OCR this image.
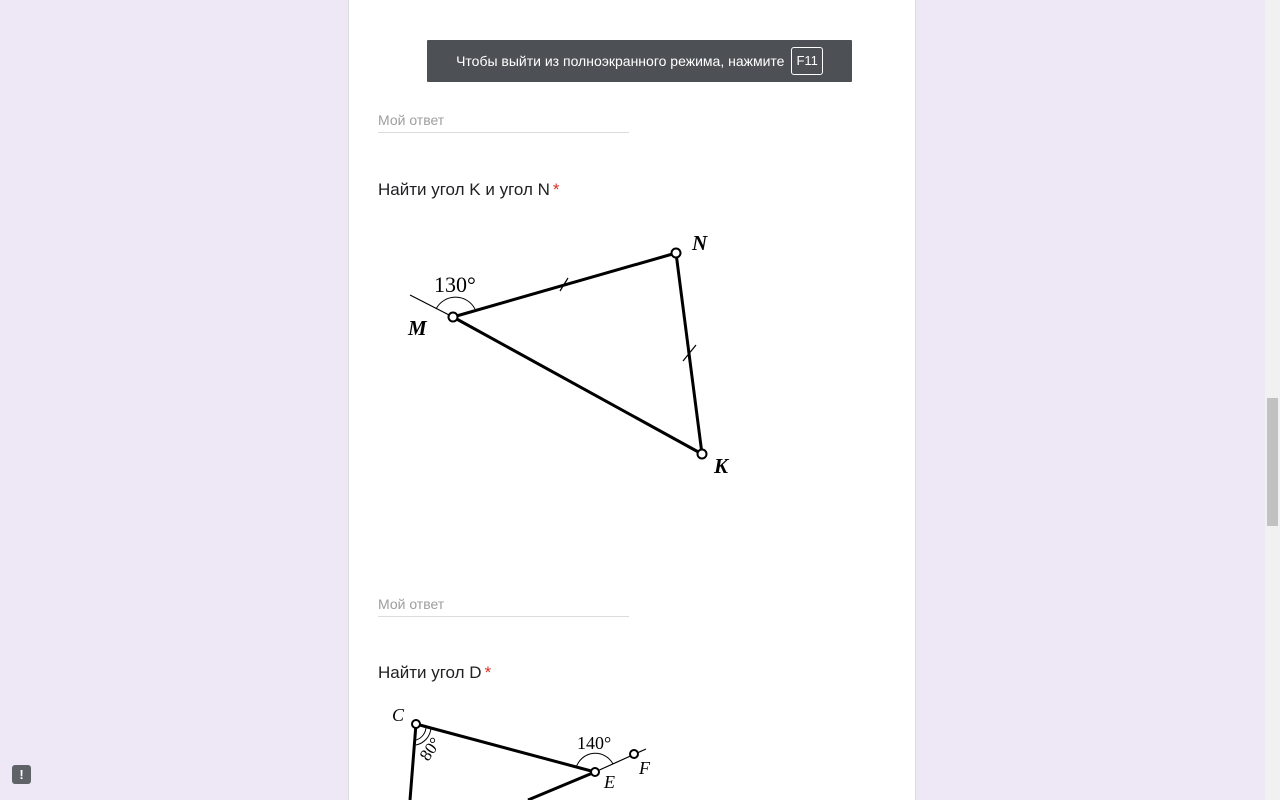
Мой ответ
Найти угол K и угол N *
130°
M
N
K
Мой ответ
Найти угол D *
C
E
F
140°
80°
Чтобы выйти из полноэкранного режима, нажмите F11
!
